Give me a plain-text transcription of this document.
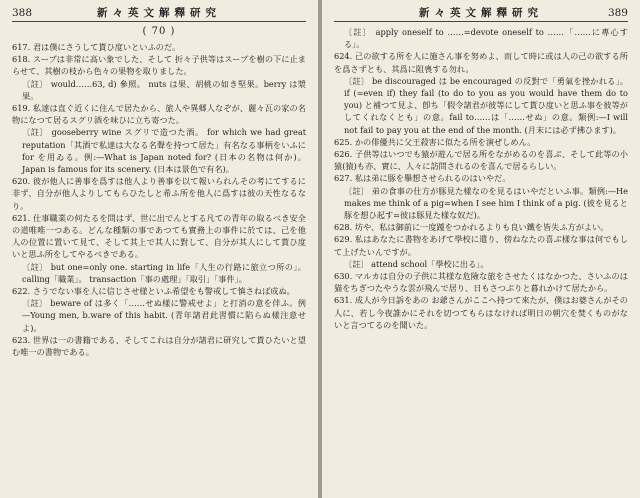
388	新々英文解釋研究
( 70 )

617. 君は僕にさうして貰ひ度いといふのだ。

618. スープは非常に高い象でした、そして 折々子供等はスープを樹の下に止まらせて、其樹の枝から色々の果物を取りました。

〔註〕 would……63, d) 參照。 nuts は果、胡桃の如き堅果。berry は漿果。

619. 私達は直ぐ近くに住んで居たから、旅人や異郷人なぞが、麗々瓦の家の名物になつて居るスグリ酒を味ひに立ち寄つた。

〔註〕 gooseberry wine スグリで造つた酒。 for which we had great reputation「其酒で私達は大なる名聲を持つて居た」有名なる事柄をいふに for を用ゐる。例:—What is Japan noted for? (日本の名物は何か)。 Japan is famous for its scenery. (日本は景色で有名)。

620. 彼が他人に善事を爲すは他人より善事を以て報いられんその考にてするに非ず、自分が他人よりしてもらひたしと希ふ所を他人に爲すは彼の天性なるなり。

621. 仕事職業の何たるを問はず、世に出でんとする凡ての青年の取るべき安全の道唯唯一つある。どんな種類の事であつても實務上の事件に於ては、己を他人の位置に置いて見て、そして其上で其人に對して、自分が其人にして貰ひ度いと思ふ所をしてやるべきである。

〔註〕 but one=only one. starting in life「人生の行路に旅立つ所の」。calling「職業」。 transaction「事の處理」「取引」「事件」。

622. さうでない事を人に信じさせ様といふ希望をも警戒して慎さねば成ぬ。

〔註〕 beware of は多く「……せぬ樣に警戒せよ」と打消の意を伴ふ。例 —Young men, b.ware of this habit. (青年諸君此習慣に陷らぬ樣注意せよ)。

623. 世界は一の書籍である、そしてこれは自分が諸君に研究して貰ひたいと望む唯一の書物である。

新々英文解釋研究	389

〔註〕 apply oneself to ……=devote oneself to ……「……に專心する」。

624. 己の欲する所を人に施さん事を努めよ、而して時に或は人の己の欲する所を爲さずとも、其爲に阻喪する勿れ。

〔註〕 be discouraged は be encouraged の反對で「勇氣を挫かれる」。if (=even if) they fail (to do to you as you would have them do to you) と補つて見よ、卽ち「假令諸君が彼等にして貰ひ度いと思ふ事を彼等がしてくれなくとも」の意。fail to……は「……せぬ」の意。類例:—I will not fail to pay you at the end of the month. (月末には必ず拂ひます)。

625. かの俳優共に父王殺害に似たる所を演ぜしめん。

626. 子供等はいつでも猿が遊んで居る所をながめるのを喜ぶ、そして此等の小猿(猿)も亦、實に、人々に訪問されるのを喜んで居るらしい。

627. 私は弟に豚を擧想させられるのはいやだ。

〔註〕 弟の食事の仕方が豚見た樣なのを見るはいやだといふ事。類例:—He makes me think of a pig=when I see him I think of a pig. (彼を見ると豚を想ひ起す=彼は豚見た樣な奴だ)。

628. 坊や、私は御前に一度踵をつかれるよりも良い鐵を皆失ふ方がよい。

629. 私はあなたに書物をあげて學校に遣り、傍ねなたの喜ぶ樣な事は何でもして上げたいんですが。

〔註〕 attend school「學校に出る」。

630. マルカは自分の子供に其様な危險な旅をさせたくはなかつた、さいふのは猫をちぎつたやうな雲が飛んで居り、日もさつぷりと暮れかけて居たから。

631. 成人が今日訴をあの お爺さんがここへ持つて來たが、僕はお婆さんがその人に、若し今夜誰かにそれを切つてもらはなければ明日の朝穴を焚くものがないと言つてるのを聞いた。
